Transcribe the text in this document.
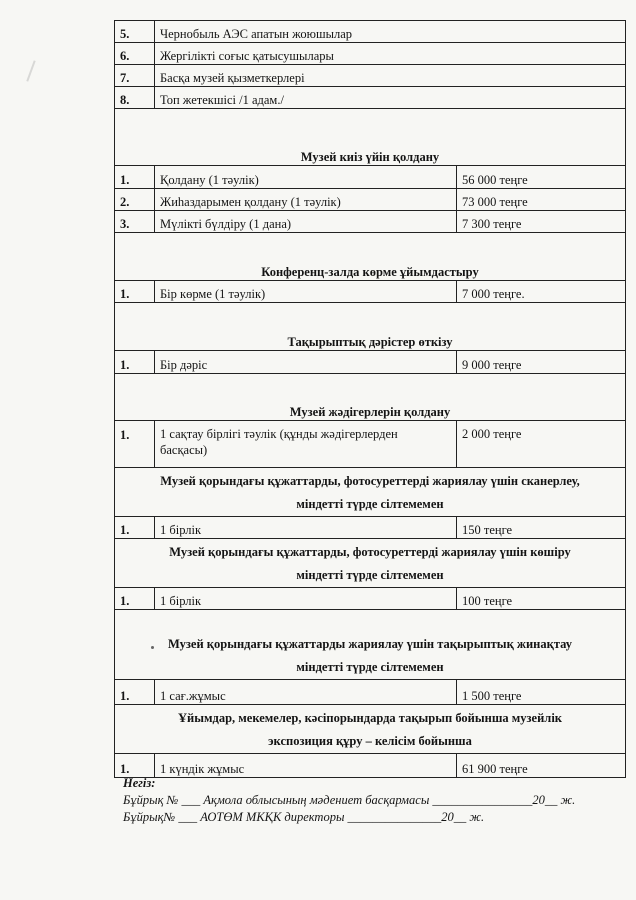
5.	Чернобыль АЭС апатын жоюшылар	
6.	Жергілікті соғыс қатысушылары	
7.	Басқа музей қызметкерлері	
8.	Топ жетекшісі /1 адам./	
Музей киіз үйін қолдану		
1.	Қолдану (1 тәулік)	56 000 теңге
2.	Жиһаздарымен қолдану (1 тәулік)	73 000 теңге
3.	Мүлікті бүлдіру (1 дана)	7 300 теңге
Конференц-залда көрме ұйымдастыру		
1.	Бір көрме (1 тәулік)	7 000 теңге.
Тақырыптық дәрістер өткізу		
1.	Бір дәріс	9 000 теңге
Музей жәдігерлерін қолдану		
1.	1 сақтау бірлігі тәулік (құнды жәдігерлерден
басқасы)	2 000 теңге

Музей қорындағы құжаттарды, фотосуреттерді жариялау үшін сканерлеу,
міндетті түрде сілтемемен		

1.	1 бірлік	150 теңге

Музей қорындағы құжаттарды, фотосуреттерді жариялау үшін көшіру
міндетті түрде сілтемемен		

1.	1 бірлік	100 теңге

Музей қорындағы құжаттарды жариялау үшін тақырыптық жинақтау
міндетті түрде сілтемемен		

1.	1 сағ.жұмыс	1 500 теңге

Ұйымдар, мекемелер, кәсіпорындарда тақырып бойынша музейлік
экспозиция құру – келісім бойынша		

1.	1 күндік жұмыс	61 900 теңге
Негіз:
Бұйрық № ___ Ақмола облысының мәдениет басқармасы ________________20__ ж.
Бұйрық№ ___ АОТӨМ МКҚК директоры _______________20__ ж.
